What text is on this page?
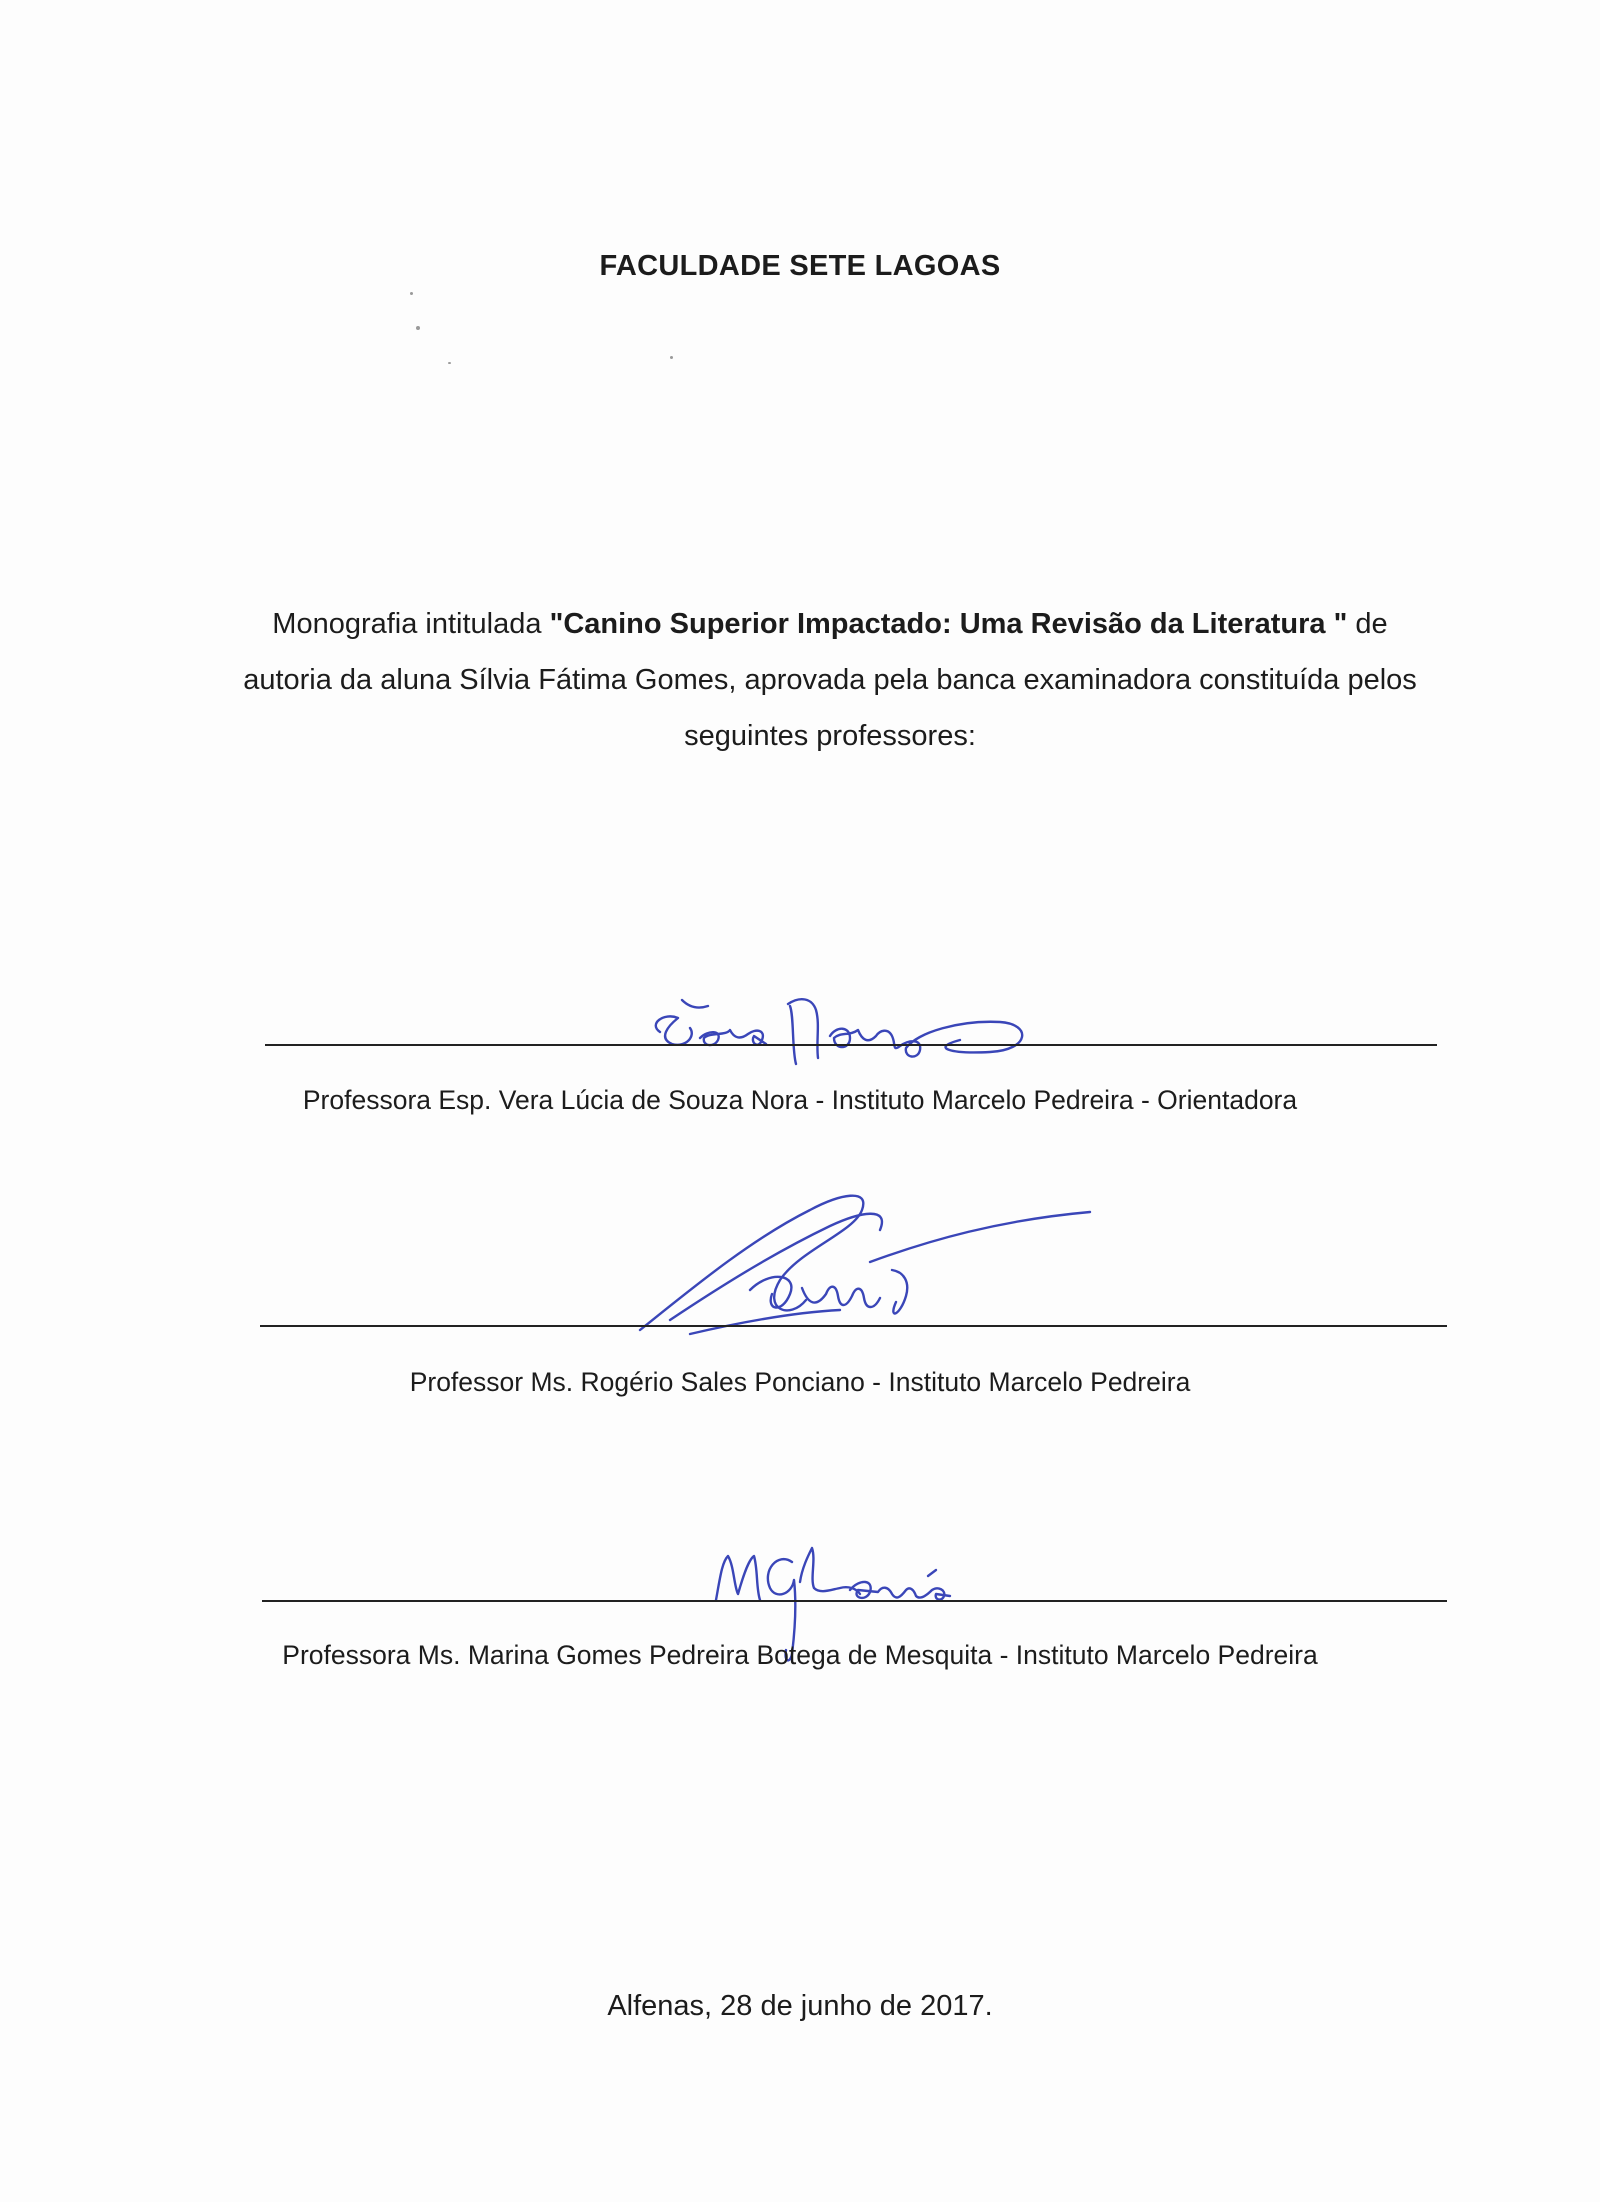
FACULDADE SETE LAGOAS
Monografia intitulada "Canino Superior Impactado: Uma Revisão da Literatura " de autoria da aluna Sílvia Fátima Gomes, aprovada pela banca examinadora constituída pelos seguintes professores:
Professora Esp. Vera Lúcia de Souza Nora - Instituto Marcelo Pedreira - Orientadora
Professor Ms. Rogério Sales Ponciano - Instituto Marcelo Pedreira
Professora Ms. Marina Gomes Pedreira Botega de Mesquita - Instituto Marcelo Pedreira
Alfenas, 28 de junho de 2017.
